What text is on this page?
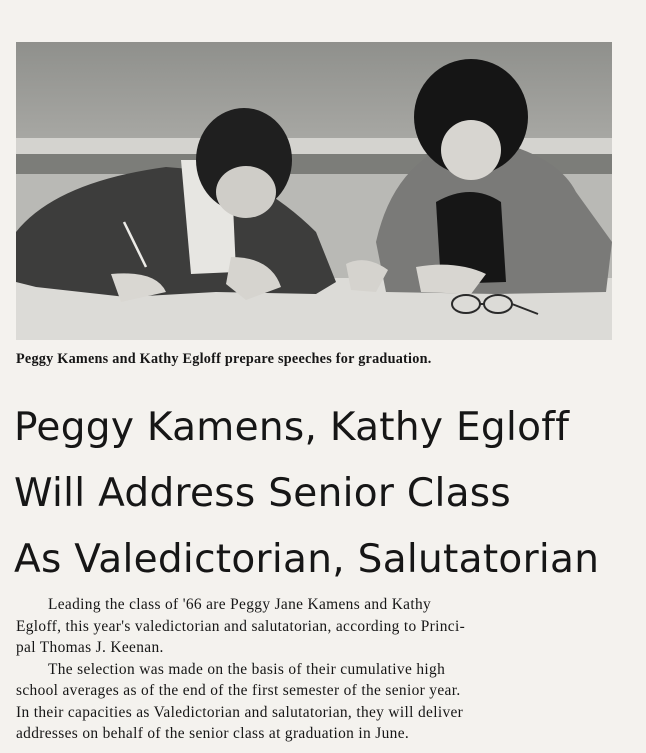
Peggy Kamens and Kathy Egloff prepare speeches for graduation.
Peggy Kamens, Kathy Egloff
Will Address Senior Class
As Valedictorian, Salutatorian
Leading the class of '66 are Peggy Jane Kamens and Kathy
Egloff, this year's valedictorian and salutatorian, according to Princi-
pal Thomas J. Keenan.
The selection was made on the basis of their cumulative high
school averages as of the end of the first semester of the senior year.
In their capacities as Valedictorian and salutatorian, they will deliver
addresses on behalf of the senior class at graduation in June.
